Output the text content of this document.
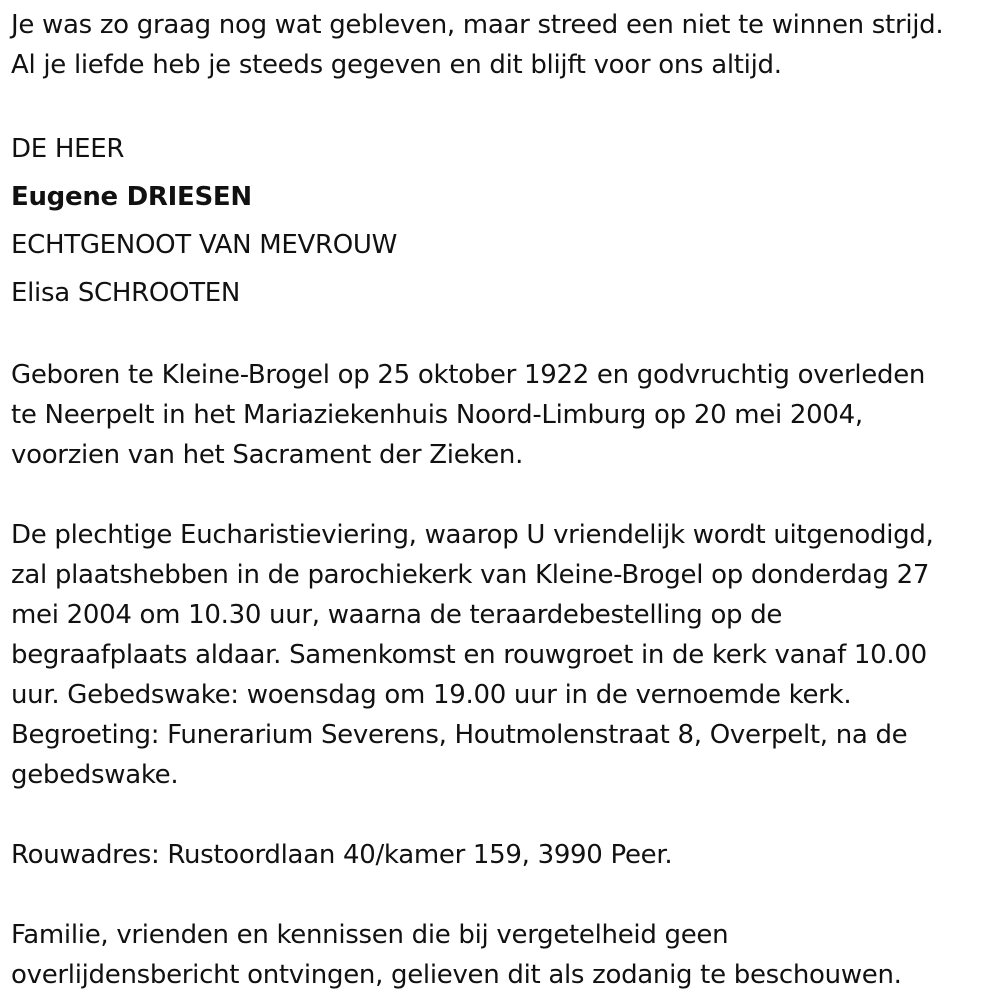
Je was zo graag nog wat gebleven, maar streed een niet te winnen strijd.
Al je liefde heb je steeds gegeven en dit blijft voor ons altijd.
DE HEER
Eugene DRIESEN
ECHTGENOOT VAN MEVROUW
Elisa SCHROOTEN
Geboren te Kleine-Brogel op 25 oktober 1922 en godvruchtig overleden
te Neerpelt in het Mariaziekenhuis Noord-Limburg op 20 mei 2004,
voorzien van het Sacrament der Zieken.
De plechtige Eucharistieviering, waarop U vriendelijk wordt uitgenodigd,
zal plaatshebben in de parochiekerk van Kleine-Brogel op donderdag 27
mei 2004 om 10.30 uur, waarna de teraardebestelling op de
begraafplaats aldaar. Samenkomst en rouwgroet in de kerk vanaf 10.00
uur. Gebedswake: woensdag om 19.00 uur in de vernoemde kerk.
Begroeting: Funerarium Severens, Houtmolenstraat 8, Overpelt, na de
gebedswake.
Rouwadres: Rustoordlaan 40/kamer 159, 3990 Peer.
Familie, vrienden en kennissen die bij vergetelheid geen
overlijdensbericht ontvingen, gelieven dit als zodanig te beschouwen.
